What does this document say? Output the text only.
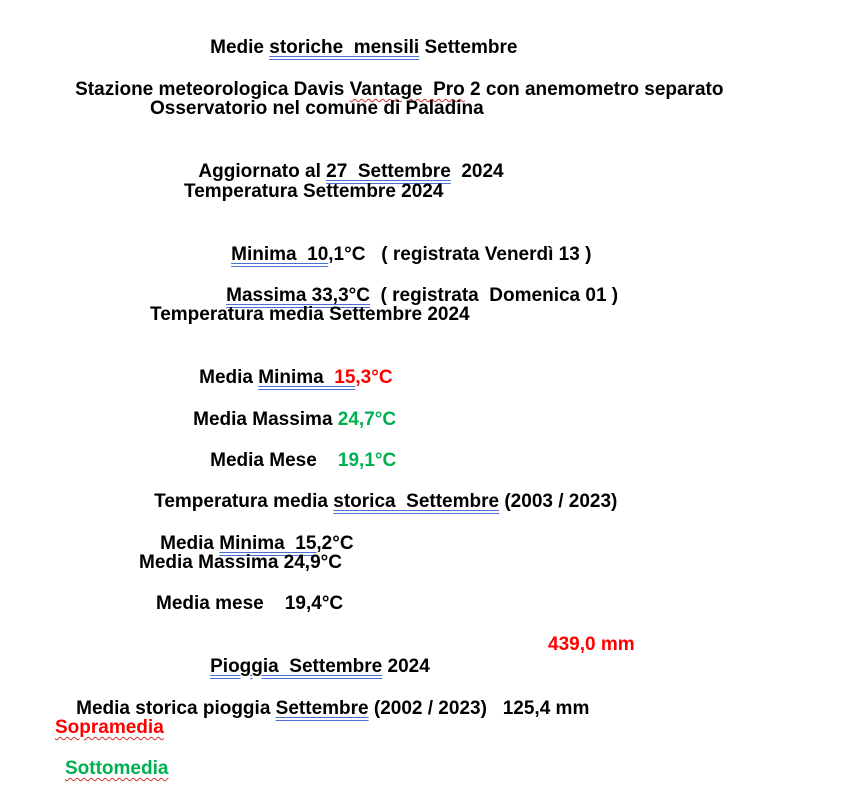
Medie storiche  mensili Settembre

Stazione meteorologica Davis Vantage  Pro 2 con anemometro separato

Osservatorio nel comune di Paladina

Aggiornato al 27  Settembre  2024

Temperatura Settembre 2024

Minima  10,1°C   ( registrata Venerdì 13 )

Massima 33,3°C  ( registrata  Domenica 01 )

Temperatura media Settembre 2024

Media Minima  15,3°C

Media Massima 24,7°C

Media Mese    19,1°C

Temperatura media storica  Settembre (2003 / 2023)

Media Minima  15,2°C

Media Massima 24,9°C
Media mese    19,4°C

Pioggia  Settembre 2024

439,0 mm

Media storica pioggia Settembre (2002 / 2023)   125,4 mm

Sopramedia
Sottomedia
